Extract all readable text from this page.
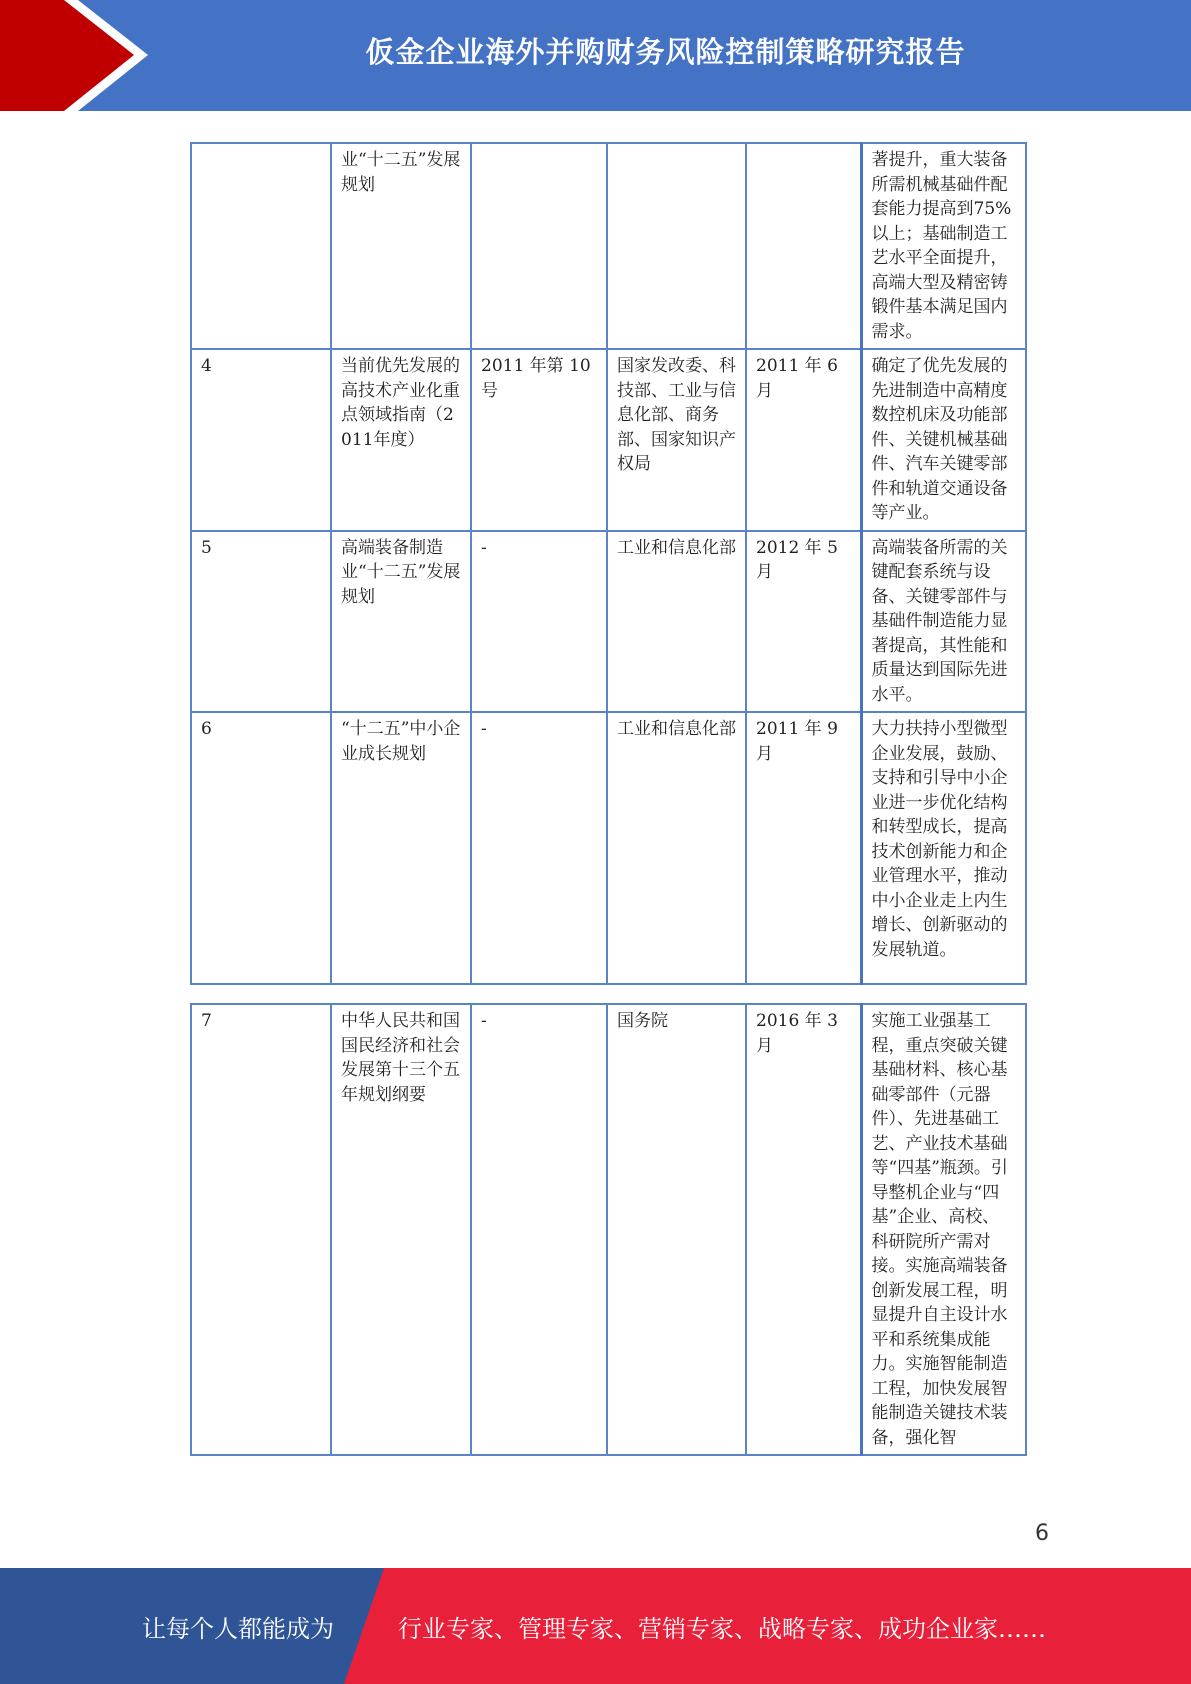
仮金企业海外并购财务风险控制策略研究报告
	业“十二五”发展规划				著提升，重大装备所需机械基础件配套能力提高到75%以上；基础制造工艺水平全面提升，高端大型及精密铸锻件基本满足国内需求。
4	当前优先发展的高技术产业化重点领域指南（2011年度）	2011 年第 10 号	国家发改委、科技部、工业与信息化部、商务部、国家知识产权局	2011 年 6 月	确定了优先发展的先进制造中高精度数控机床及功能部件、关键机械基础件、汽车关键零部件和轨道交通设备等产业。
5	高端装备制造业“十二五”发展规划	-	工业和信息化部	2012 年 5 月	高端装备所需的关键配套系统与设备、关键零部件与基础件制造能力显著提高，其性能和质量达到国际先进水平。
6	“十二五”中小企业成长规划	-	工业和信息化部	2011 年 9 月	大力扶持小型微型企业发展，鼓励、支持和引导中小企业进一步优化结构和转型成长，提高技术创新能力和企业管理水平，推动中小企业走上内生增长、创新驱动的发展轨道。
7	中华人民共和国国民经济和社会发展第十三个五年规划纲要	-	国务院	2016 年 3 月	实施工业强基工程，重点突破关键基础材料、核心基础零部件（元器件）、先进基础工艺、产业技术基础等“四基”瓶颈。引导整机企业与“四基”企业、高校、科研院所产需对接。实施高端装备创新发展工程，明显提升自主设计水平和系统集成能力。实施智能制造工程，加快发展智能制造关键技术装备，强化智
6
让每个人都能成为	行业专家、管理专家、营销专家、战略专家、成功企业家……
